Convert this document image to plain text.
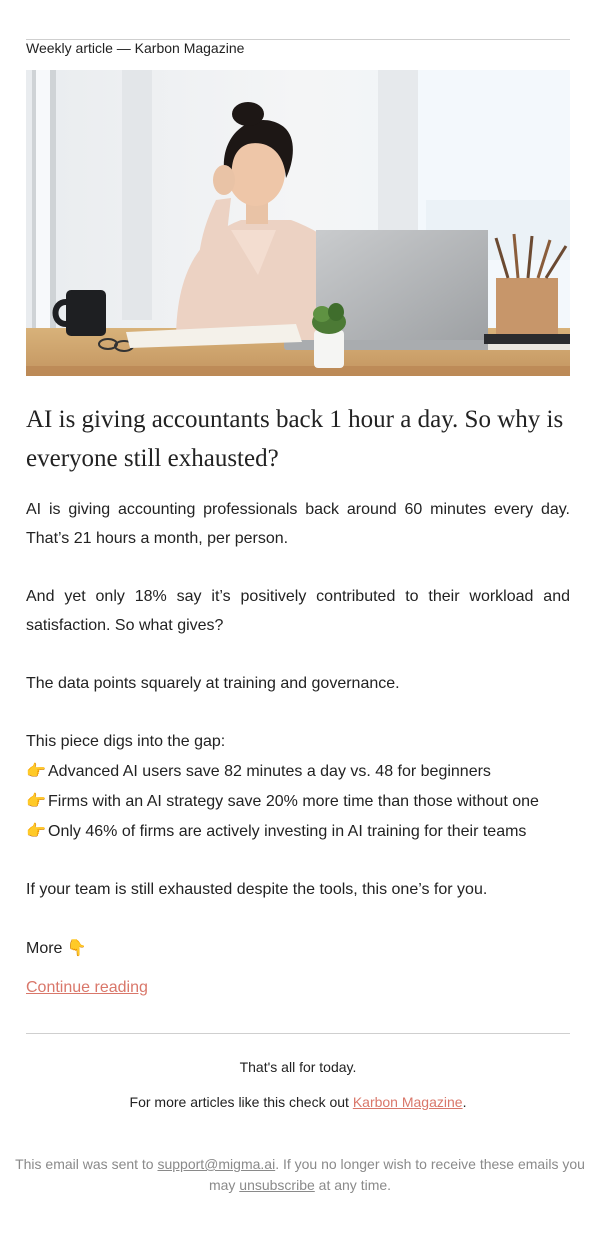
Weekly article — Karbon Magazine
AI is giving accountants back 1 hour a day. So why is everyone still exhausted?

AI is giving accounting professionals back around 60 minutes every day. That’s 21 hours a month, per person.

And yet only 18% say it’s positively contributed to their workload and satisfaction. So what gives?

The data points squarely at training and governance.

This piece digs into the gap:

👉 Advanced AI users save 82 minutes a day vs. 48 for beginners
👉 Firms with an AI strategy save 20% more time than those without one
👉 Only 46% of firms are actively investing in AI training for their teams

If your team is still exhausted despite the tools, this one’s for you.

More 👇
Continue reading
That's all for today.
For more articles like this check out Karbon Magazine.
This email was sent to support@migma.ai. If you no longer wish to receive these emails you may unsubscribe at any time.
